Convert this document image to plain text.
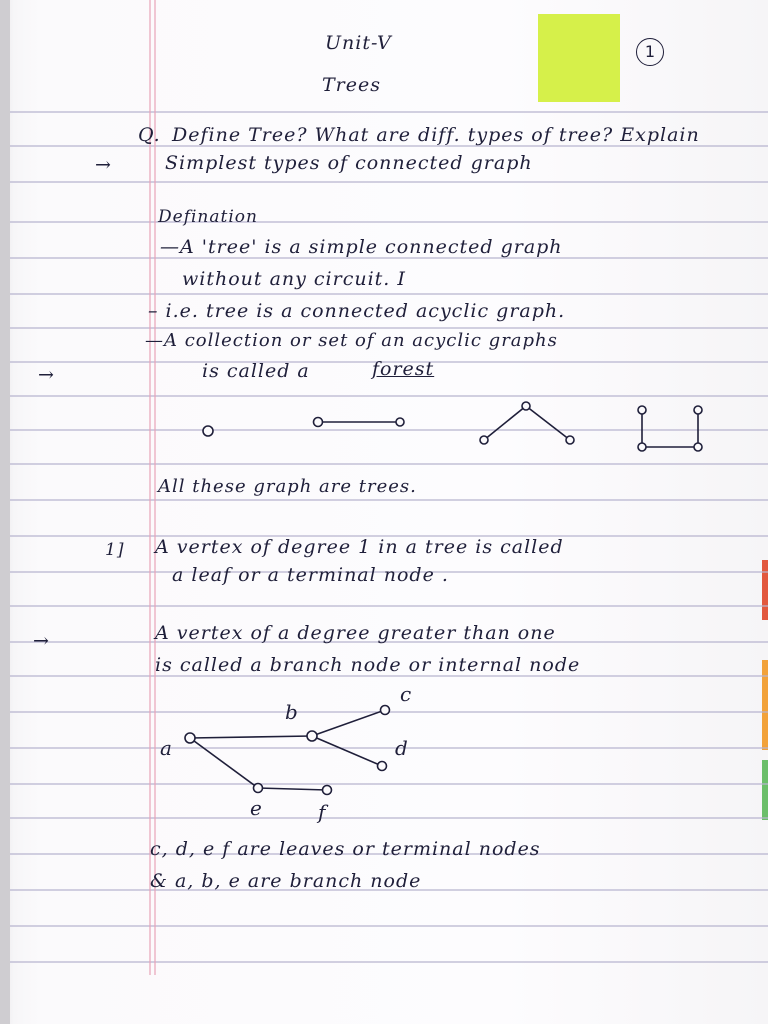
1
Unit-V
Trees
Q. Define Tree? What are diff. types of tree? Explain
→	Simplest types of connected graph
Defination
—A 'tree' is a simple connected graph
without any circuit. I
– i.e. tree is a connected acyclic graph.
—A collection or set of an acyclic graphs
→	is called a	forest
All these graph are trees.
1] A vertex of degree 1 in a tree is called
a leaf or a terminal node .
→	A vertex of a degree greater than one
is called a branch node or internal node
a
b
c
d
e	f
c, d, e f are leaves or terminal nodes
& a, b, e are branch node
